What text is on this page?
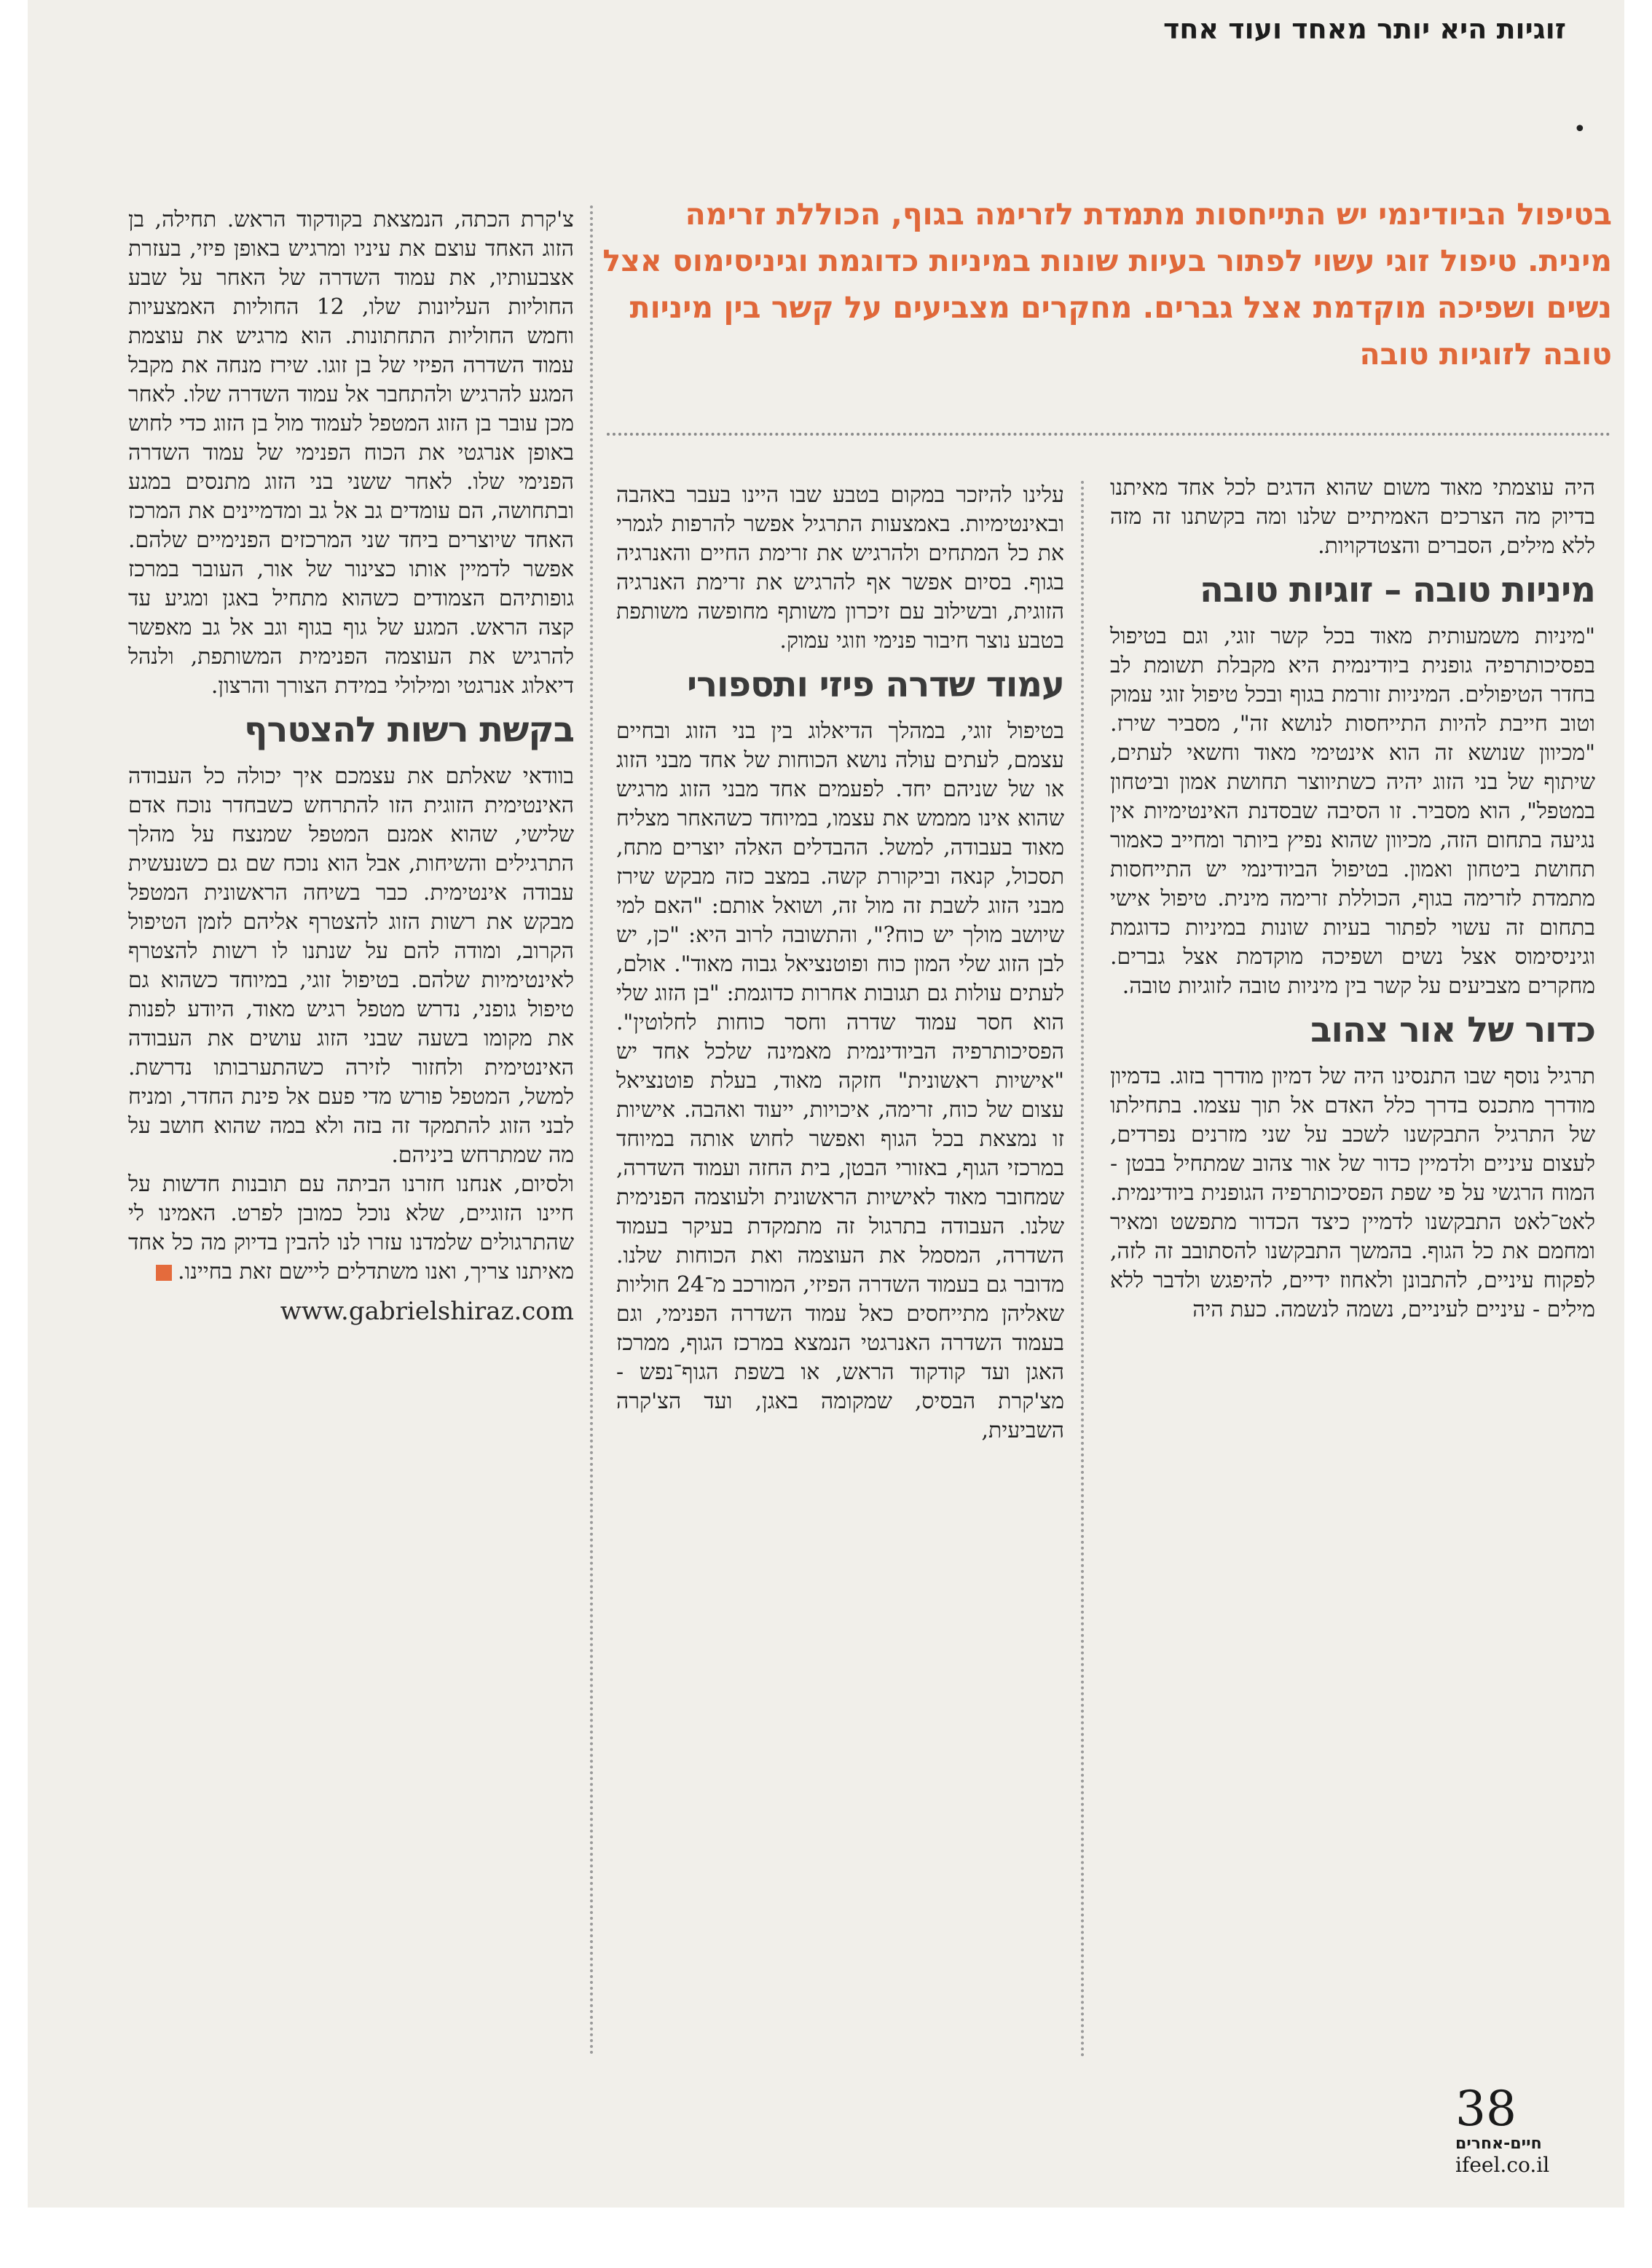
זוגיות היא יותר מאחד ועוד אחד
•
בטיפול הביודינמי יש התייחסות מתמדת לזרימה בגוף, הכוללת זרימה מינית. טיפול זוגי עשוי לפתור בעיות שונות במיניות כדוגמת וגיניסימוס אצל נשים ושפיכה מוקדמת אצל גברים. מחקרים מצביעים על קשר בין מיניות טובה לזוגיות טובה

היה עוצמתי מאוד משום שהוא הדגים לכל אחד מאיתנו בדיוק מה הצרכים האמיתיים שלנו ומה בקשתנו זה מזה ללא מילים, הסברים והצטדקויות.

מיניות טובה – זוגיות טובה

"מיניות משמעותית מאוד בכל קשר זוגי, וגם בטיפול בפסיכותרפיה גופנית ביודינמית היא מקבלת תשומת לב בחדר הטיפולים. המיניות זורמת בגוף ובכל טיפול זוגי עמוק וטוב חייבת להיות התייחסות לנושא זה", מסביר שירז. "מכיוון שנושא זה הוא אינטימי מאוד וחשאי לעתים, שיתוף של בני הזוג יהיה כשתיווצר תחושת אמון וביטחון במטפל", הוא מסביר. זו הסיבה שבסדנת האינטימיות אין נגיעה בתחום הזה, מכיוון שהוא נפיץ ביותר ומחייב כאמור תחושת ביטחון ואמון. בטיפול הביודינמי יש התייחסות מתמדת לזרימה בגוף, הכוללת זרימה מינית. טיפול אישי בתחום זה עשוי לפתור בעיות שונות במיניות כדוגמת וגיניסימוס אצל נשים ושפיכה מוקדמת אצל גברים. מחקרים מצביעים על קשר בין מיניות טובה לזוגיות טובה.

כדור של אור צהוב

תרגיל נוסף שבו התנסינו היה של דמיון מודרך בזוג. בדמיון מודרך מתכנס בדרך כלל האדם אל תוך עצמו. בתחילתו של התרגיל התבקשנו לשכב על שני מזרנים נפרדים, לעצום עיניים ולדמיין כדור של אור צהוב שמתחיל בבטן - המוח הרגשי על פי שפת הפסיכותרפיה הגופנית ביודינמית. לאט־לאט התבקשנו לדמיין כיצד הכדור מתפשט ומאיר ומחמם את כל הגוף. בהמשך התבקשנו להסתובב זה לזה, לפקוח עיניים, להתבונן ולאחוז ידיים, להיפגש ולדבר ללא מילים - עיניים לעיניים, נשמה לנשמה. כעת היה

עלינו להיזכר במקום בטבע שבו היינו בעבר באהבה ובאינטימיות. באמצעות התרגיל אפשר להרפות לגמרי את כל המתחים ולהרגיש את זרימת החיים והאנרגיה בגוף. בסיום אפשר אף להרגיש את זרימת האנרגיה הזוגית, ובשילוב עם זיכרון משותף מחופשה משותפת בטבע נוצר חיבור פנימי וזוגי עמוק.

עמוד שדרה פיזי ותספורי

בטיפול זוגי, במהלך הדיאלוג בין בני הזוג ובחיים עצמם, לעתים עולה נושא הכוחות של אחד מבני הזוג או של שניהם יחד. לפעמים אחד מבני הזוג מרגיש שהוא אינו מממש את עצמו, במיוחד כשהאחר מצליח מאוד בעבודה, למשל. ההבדלים האלה יוצרים מתח, תסכול, קנאה וביקורת קשה. במצב כזה מבקש שירז מבני הזוג לשבת זה מול זה, ושואל אותם: "האם למי שיושב מולך יש כוח?", והתשובה לרוב היא: "כן, יש לבן הזוג שלי המון כוח ופוטנציאל גבוה מאוד". אולם, לעתים עולות גם תגובות אחרות כדוגמת: "בן הזוג שלי הוא חסר עמוד שדרה וחסר כוחות לחלוטין". הפסיכותרפיה הביודינמית מאמינה שלכל אחד יש "אישיות ראשונית" חזקה מאוד, בעלת פוטנציאל עצום של כוח, זרימה, איכויות, ייעוד ואהבה. אישיות זו נמצאת בכל הגוף ואפשר לחוש אותה במיוחד במרכזי הגוף, באזורי הבטן, בית החזה ועמוד השדרה, שמחובר מאוד לאישיות הראשונית ולעוצמה הפנימית שלנו. העבודה בתרגול זה מתמקדת בעיקר בעמוד השדרה, המסמל את העוצמה ואת הכוחות שלנו. מדובר גם בעמוד השדרה הפיזי, המורכב מ־24 חוליות שאליהן מתייחסים כאל עמוד השדרה הפנימי, וגם בעמוד השדרה האנרגטי הנמצא במרכז הגוף, ממרכז האגן ועד קודקוד הראש, או בשפת הגוף־נפש - מצ'קרת הבסיס, שמקומה באגן, ועד הצ'קרה השביעית,

צ'קרת הכתה, הנמצאת בקודקוד הראש. תחילה, בן הזוג האחד עוצם את עיניו ומרגיש באופן פיזי, בעזרת אצבעותיו, את עמוד השדרה של האחר על שבע החוליות העליונות שלו, 12 החוליות האמצעיות וחמש החוליות התחתונות. הוא מרגיש את עוצמת עמוד השדרה הפיזי של בן זוגו. שירז מנחה את מקבל המגע להרגיש ולהתחבר אל עמוד השדרה שלו. לאחר מכן עובר בן הזוג המטפל לעמוד מול בן הזוג כדי לחוש באופן אנרגטי את הכוח הפנימי של עמוד השדרה הפנימי שלו. לאחר ששני בני הזוג מתנסים במגע ובתחושה, הם עומדים גב אל גב ומדמיינים את המרכז האחד שיוצרים ביחד שני המרכזים הפנימיים שלהם. אפשר לדמיין אותו כצינור של אור, העובר במרכז גופותיהם הצמודים כשהוא מתחיל באגן ומגיע עד קצה הראש. המגע של גוף בגוף וגב אל גב מאפשר להרגיש את העוצמה הפנימית המשותפת, ולנהל דיאלוג אנרגטי ומילולי במידת הצורך והרצון.

בקשת רשות להצטרף

בוודאי שאלתם את עצמכם איך יכולה כל העבודה האינטימית הזוגית הזו להתרחש כשבחדר נוכח אדם שלישי, שהוא אמנם המטפל שמנצח על מהלך התרגילים והשיחות, אבל הוא נוכח שם גם כשנעשית עבודה אינטימית. כבר בשיחה הראשונית המטפל מבקש את רשות הזוג להצטרף אליהם לזמן הטיפול הקרוב, ומודה להם על שנתנו לו רשות להצטרף לאינטימיות שלהם. בטיפול זוגי, במיוחד כשהוא גם טיפול גופני, נדרש מטפל רגיש מאוד, היודע לפנות את מקומו בשעה שבני הזוג עושים את העבודה האינטימית ולחזור לזירה כשהתערבותו נדרשת. למשל, המטפל פורש מדי פעם אל פינת החדר, ומניח לבני הזוג להתמקד זה בזה ולא במה שהוא חושב על מה שמתרחש ביניהם.

ולסיום, אנחנו חזרנו הביתה עם תובנות חדשות על חיינו הזוגיים, שלא נוכל כמובן לפרט. האמינו לי שהתרגולים שלמדנו עזרו לנו להבין בדיוק מה כל אחד מאיתנו צריך, ואנו משתדלים ליישם זאת בחיינו.

www.gabrielshiraz.com
38
חיים-אחרים
ifeel.co.il
